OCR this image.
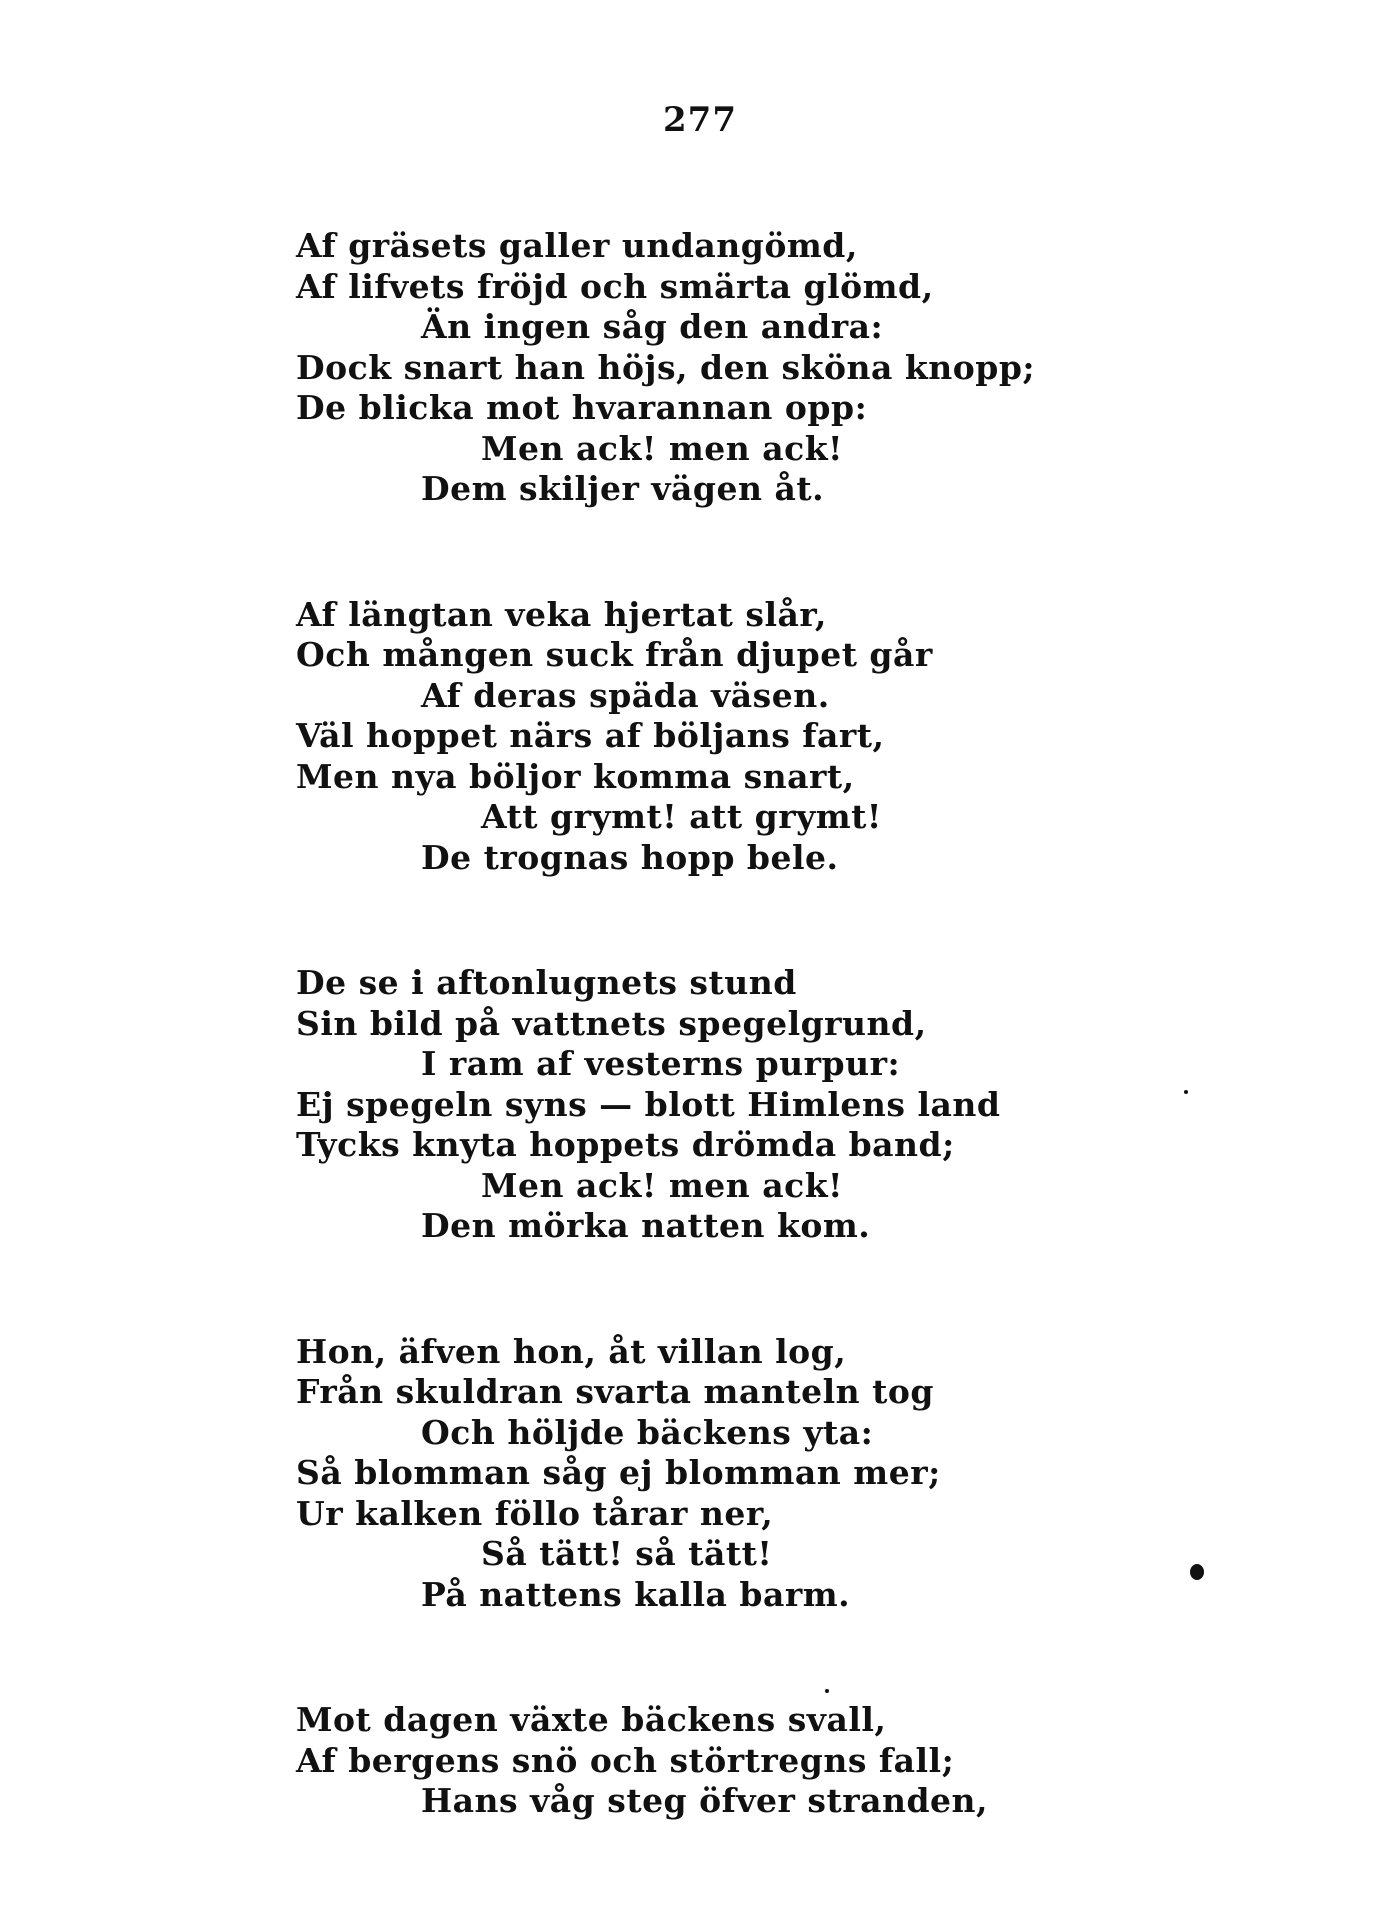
277
Af gräsets galler undangömd,
Af lifvets fröjd och smärta glömd,
Än ingen såg den andra:
Dock snart han höjs, den sköna knopp;
De blicka mot hvarannan opp:
Men ack! men ack!
Dem skiljer vägen åt.
Af längtan veka hjertat slår,
Och mången suck från djupet går
Af deras späda väsen.
Väl hoppet närs af böljans fart,
Men nya böljor komma snart,
Att grymt! att grymt!
De trognas hopp bele.
De se i aftonlugnets stund
Sin bild på vattnets spegelgrund,
I ram af vesterns purpur:
Ej spegeln syns — blott Himlens land
Tycks knyta hoppets drömda band;
Men ack! men ack!
Den mörka natten kom.
Hon, äfven hon, åt villan log,
Från skuldran svarta manteln tog
Och höljde bäckens yta:
Så blomman såg ej blomman mer;
Ur kalken föllo tårar ner,
Så tätt! så tätt!
På nattens kalla barm.
Mot dagen växte bäckens svall,
Af bergens snö och störtregns fall;
Hans våg steg öfver stranden,
